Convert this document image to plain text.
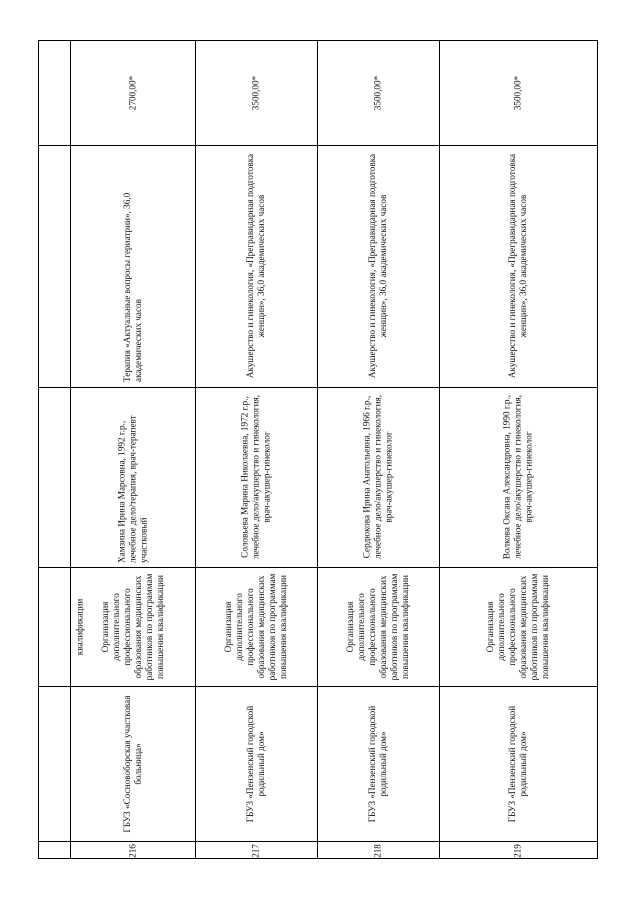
квалификации
2700,00*
Терапия «Актуальные вопросы гериатрии», 36,0 академических часов
Хамзина Ирина Марсовна, 1992 г.р., лечебное дело/терапия, врач-терапевт участковый
Организация дополнительного профессионального образования медицинских работников по программам повышения квалификации
ГБУЗ «Сосновоборская участковая больница»
216
3500,00*
Акушерство и гинекология, «Прегравидарная подготовка женщин», 36,0 академических часов
Соловьева Марина Николаевна, 1972 г.р., лечебное дело/акушерство и гинекология, врач-акушер-гинеколог
Организация дополнительного профессионального образования медицинских работников по программам повышения квалификации
ГБУЗ «Пензенский городской родильный дом»
217
3500,00*
Акушерство и гинекология, «Прегравидарная подготовка женщин», 36,0 академических часов
Сердюкова Ирина Анатольевна, 1966 г.р., лечебное дело/акушерство и гинекология, врач-акушер-гинеколог
Организация дополнительного профессионального образования медицинских работников по программам повышения квалификации
ГБУЗ «Пензенский городской родильный дом»
218
3500,00*
Акушерство и гинекология, «Прегравидарная подготовка женщин», 36,0 академических часов
Волкова Оксана Александровна, 1990 г.р., лечебное дело/акушерство и гинекология, врач-акушер-гинеколог
Организация дополнительного профессионального образования медицинских работников по программам повышения квалификации
ГБУЗ «Пензенский городской родильный дом»
219
